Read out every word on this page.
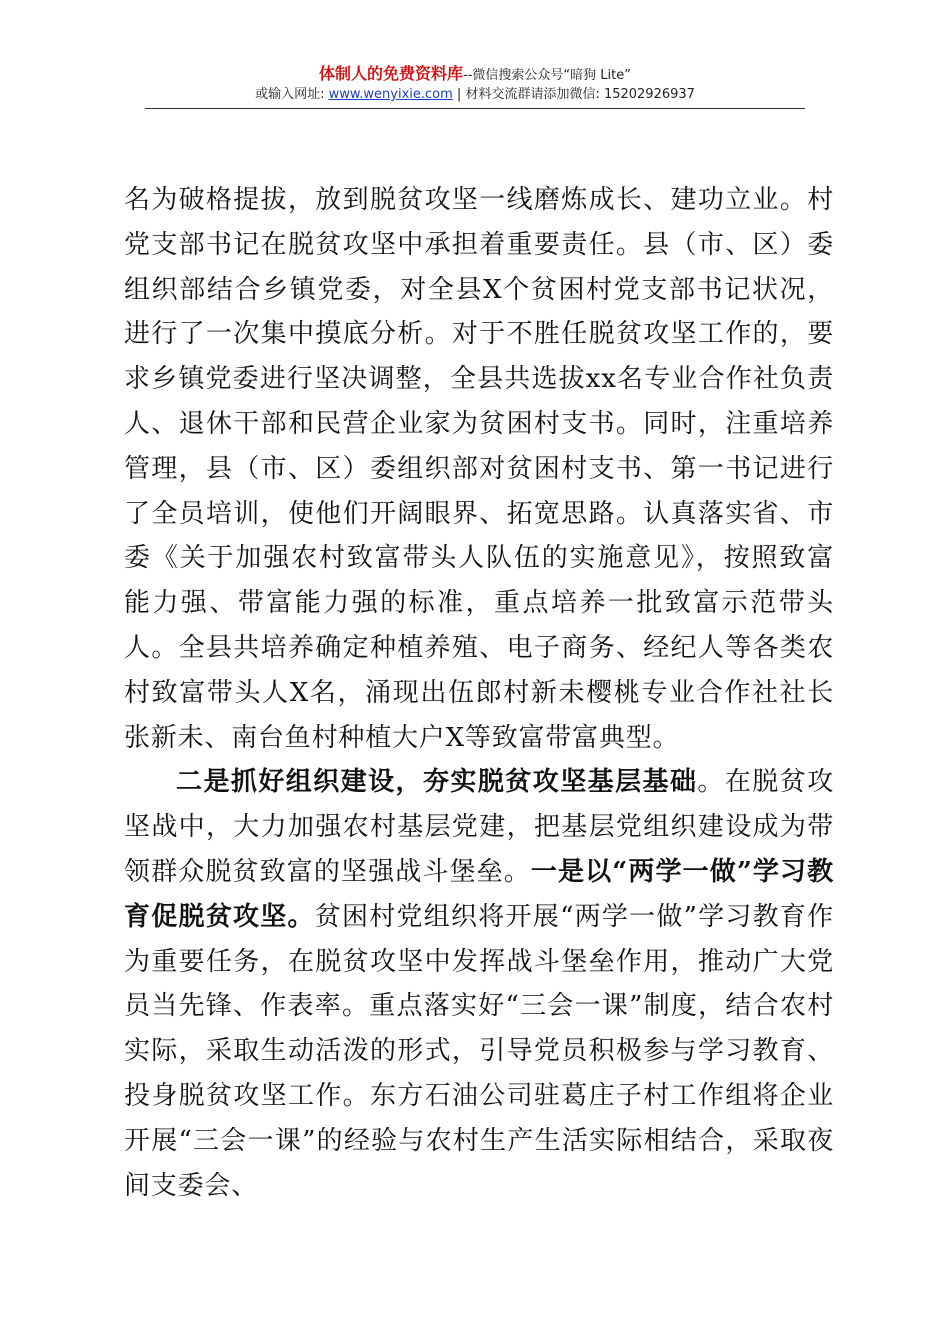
体制人的免费资料库--微信搜索公众号“暗狗 Lite”
或输入网址: www.wenyixie.com | 材料交流群请添加微信: 15202926937

名为破格提拔，放到脱贫攻坚一线磨炼成长、建功立业。村党支部书记在脱贫攻坚中承担着重要责任。县（市、区）委组织部结合乡镇党委，对全县X个贫困村党支部书记状况，进行了一次集中摸底分析。对于不胜任脱贫攻坚工作的，要求乡镇党委进行坚决调整，全县共选拔xx名专业合作社负责人、退休干部和民营企业家为贫困村支书。同时，注重培养管理，县（市、区）委组织部对贫困村支书、第一书记进行了全员培训，使他们开阔眼界、拓宽思路。认真落实省、市委《关于加强农村致富带头人队伍的实施意见》，按照致富能力强、带富能力强的标准，重点培养一批致富示范带头人。全县共培养确定种植养殖、电子商务、经纪人等各类农村致富带头人X名，涌现出伍郎村新未樱桃专业合作社社长张新未、南台鱼村种植大户X等致富带富典型。

二是抓好组织建设，夯实脱贫攻坚基层基础。在脱贫攻坚战中，大力加强农村基层党建，把基层党组织建设成为带领群众脱贫致富的坚强战斗堡垒。一是以“两学一做”学习教育促脱贫攻坚。贫困村党组织将开展“两学一做”学习教育作为重要任务，在脱贫攻坚中发挥战斗堡垒作用，推动广大党员当先锋、作表率。重点落实好“三会一课”制度，结合农村实际，采取生动活泼的形式，引导党员积极参与学习教育、投身脱贫攻坚工作。东方石油公司驻葛庄子村工作组将企业开展“三会一课”的经验与农村生产生活实际相结合，采取夜间支委会、
